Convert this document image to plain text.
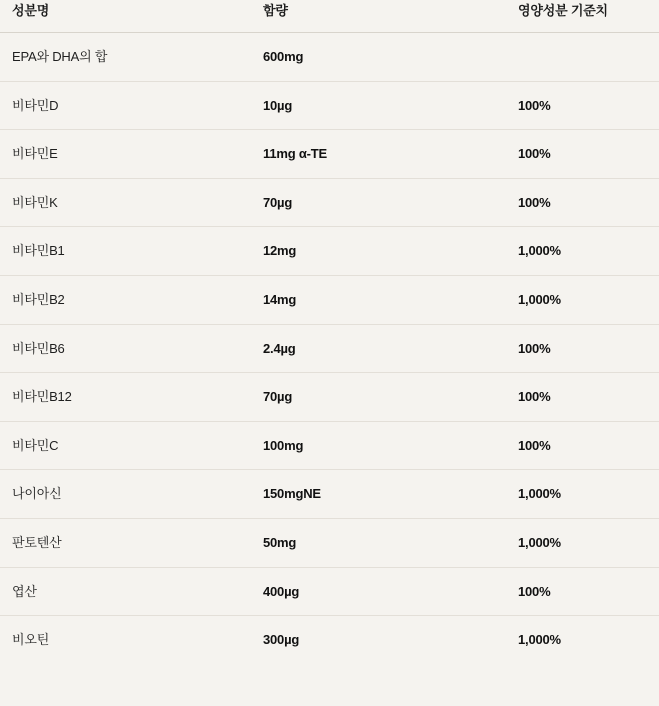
성분명	함량	영양성분 기준치
EPA와 DHA의 합	600mg	
비타민D	10µg	100%
비타민E	11mg α-TE	100%
비타민K	70µg	100%
비타민B1	12mg	1,000%
비타민B2	14mg	1,000%
비타민B6	2.4µg	100%
비타민B12	70µg	100%
비타민C	100mg	100%
나이아신	150mgNE	1,000%
판토텐산	50mg	1,000%
엽산	400µg	100%
비오틴	300µg	1,000%
